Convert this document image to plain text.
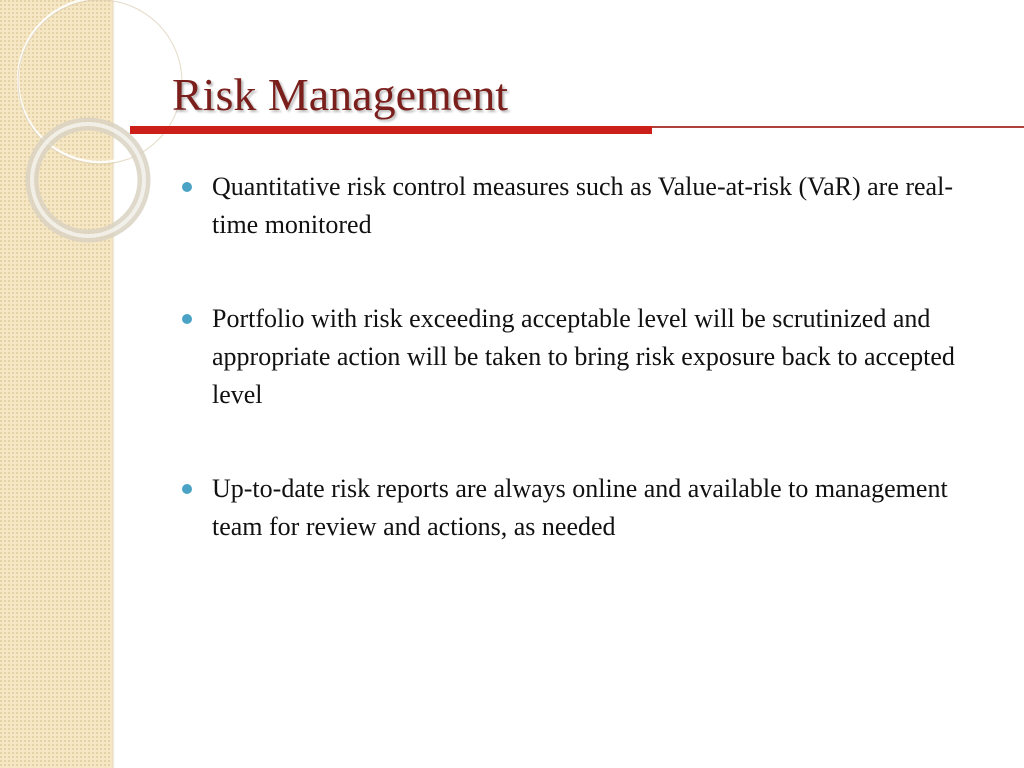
Risk Management
Quantitative risk control measures such as Value-at-risk (VaR) are real-time monitored
Portfolio with risk exceeding acceptable level will be scrutinized and appropriate action will be taken to bring risk exposure back to accepted level
Up-to-date risk reports are always online and available to management team for review and actions, as needed
